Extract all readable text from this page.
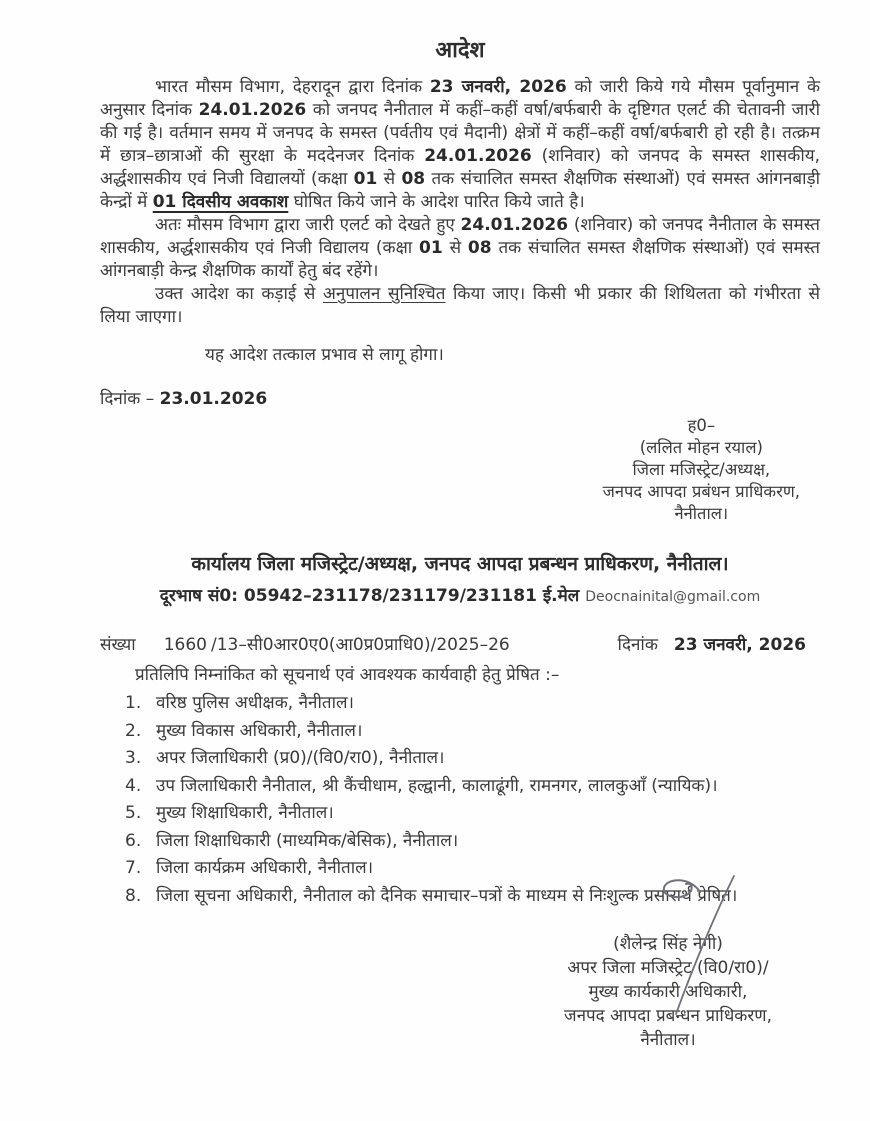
आदेश

भारत मौसम विभाग, देहरादून द्वारा दिनांक 23 जनवरी, 2026 को जारी किये गये मौसम पूर्वानुमान के अनुसार दिनांक 24.01.2026 को जनपद नैनीताल में कहीं–कहीं वर्षा/बर्फबारी के दृष्टिगत एलर्ट की चेतावनी जारी की गई है। वर्तमान समय में जनपद के समस्त (पर्वतीय एवं मैदानी) क्षेत्रों में कहीं–कहीं वर्षा/बर्फबारी हो रही है। तत्क्रम में छात्र–छात्राओं की सुरक्षा के मददेनजर दिनांक 24.01.2026 (शनिवार) को जनपद के समस्त शासकीय, अर्द्धशासकीय एवं निजी विद्यालयों (कक्षा 01 से 08 तक संचालित समस्त शैक्षणिक संस्थाओं) एवं समस्त आंगनबाड़ी केन्द्रों में 01 दिवसीय अवकाश घोषित किये जाने के आदेश पारित किये जाते है।

अतः मौसम विभाग द्वारा जारी एलर्ट को देखते हुए 24.01.2026 (शनिवार) को जनपद नैनीताल के समस्त शासकीय, अर्द्धशासकीय एवं निजी विद्यालय (कक्षा 01 से 08 तक संचालित समस्त शैक्षणिक संस्थाओं) एवं समस्त आंगनबाड़ी केन्द्र शैक्षणिक कार्यों हेतु बंद रहेंगे।

उक्त आदेश का कड़ाई से अनुपालन सुनिश्चित किया जाए। किसी भी प्रकार की शिथिलता को गंभीरता से लिया जाएगा।

यह आदेश तत्काल प्रभाव से लागू होगा।

दिनांक – 23.01.2026
ह0–
(ललित मोहन रयाल)
जिला मजिस्ट्रेट/अध्यक्ष,
जनपद आपदा प्रबंधन प्राधिकरण,
नैनीताल।
कार्यालय जिला मजिस्ट्रेट/अध्यक्ष, जनपद आपदा प्रबन्धन प्राधिकरण, नैनीताल।
दूरभाष सं0: 05942–231178/231179/231181 ई.मेल Deocnainital@gmail.com
संख्या 1660 /13–सी0आर0ए0(आ0प्र0प्राधि0)/2025–26	दिनांक 23 जनवरी, 2026
प्रतिलिपि निम्नांकित को सूचनार्थ एवं आवश्यक कार्यवाही हेतु प्रेषित :–
1. वरिष्ठ पुलिस अधीक्षक, नैनीताल।
2. मुख्य विकास अधिकारी, नैनीताल।
3. अपर जिलाधिकारी (प्र0)/(वि0/रा0), नैनीताल।
4. उप जिलाधिकारी नैनीताल, श्री कैंचीधाम, हल्द्वानी, कालाढूंगी, रामनगर, लालकुआँ (न्यायिक)।
5. मुख्य शिक्षाधिकारी, नैनीताल।
6. जिला शिक्षाधिकारी (माध्यमिक/बेसिक), नैनीताल।
7. जिला कार्यक्रम अधिकारी, नैनीताल।
8. जिला सूचना अधिकारी, नैनीताल को दैनिक समाचार–पत्रों के माध्यम से निःशुल्क प्रसारार्थ प्रेषित।
(शैलेन्द्र सिंह नेगी)
अपर जिला मजिस्ट्रेट (वि0/रा0)/
मुख्य कार्यकारी अधिकारी,
जनपद आपदा प्रबन्धन प्राधिकरण,
नैनीताल।
